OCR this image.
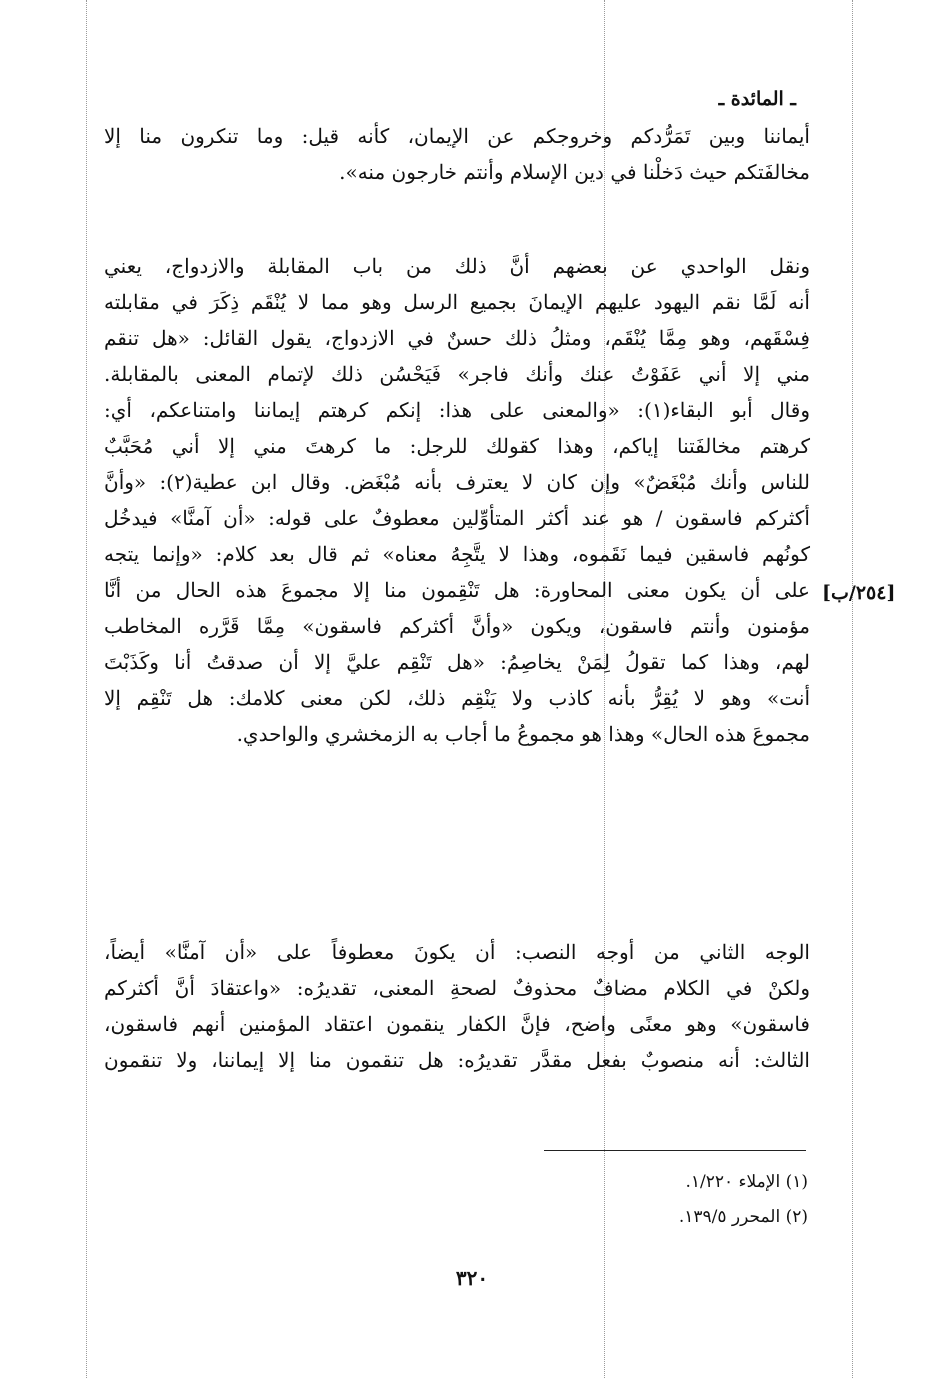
ـ المائدة ـ
أيماننا وبين تَمَرُّدكم وخروجكم عن الإيمان، كأنه قيل: وما تنكرون منا إلا
مخالفَتكم حيث دَخلْنا في دين الإسلام وأنتم خارجون منه».
ونقل الواحدي عن بعضهم أنَّ ذلك من باب المقابلة والازدواج، يعني
أنه لَمَّا نقم اليهود عليهم الإيمانَ بجميع الرسل وهو مما لا يُنْقَم ذِكَرَ في مقابلته
فِسْقَهم، وهو مِمَّا يُنْقَم، ومثلُ ذلك حسنٌ في الازدواج، يقول القائل: «هل تنقم
مني إلا أني عَفَوْتُ عنك وأنك فاجر» فَيَحْسُن ذلك لإتمام المعنى بالمقابلة.
وقال أبو البقاء(١): «والمعنى على هذا: إنكم كرهتم إيماننا وامتناعكم، أي:
كرهتم مخالفَتنا إياكم، وهذا كقولك للرجل: ما كرهتَ مني إلا أني مُحَبَّبٌ
للناس وأنك مُبْغَضٌ» وإن كان لا يعترف بأنه مُبْغَض. وقال ابن عطية(٢): «وأنَّ
أكثركم فاسقون / هو عند أكثر المتأوِّلين معطوفٌ على قوله: «أن آمنَّا» فيدخُل
كونُهم فاسقين فيما نَقَموه، وهذا لا يتَّجِهُ معناه» ثم قال بعد كلام: «وإنما يتجه
على أن يكون معنى المحاورة: هل تَنْقِمون منا إلا مجموعَ هذه الحال من أنَّا
مؤمنون وأنتم فاسقون، ويكون «وأنَّ أكثركم فاسقون» مِمَّا قَرَّره المخاطب
لهم، وهذا كما تقولُ لِمَنْ يخاصِمُ: «هل تَنْقِم عليَّ إلا أن صدقتُ أنا وكَذَبْتَ
أنت» وهو لا يُقِرُّ بأنه كاذب ولا يَنْقِم ذلك، لكن معنى كلامك: هل تَنْقِم إلا
مجموعَ هذه الحال» وهذا هو مجموعُ ما أجاب به الزمخشري والواحدي.
[٢٥٤/ب]
الوجه الثاني من أوجه النصب: أن يكونَ معطوفاً على «أن آمنَّا» أيضاً،
ولكنْ في الكلام مضافٌ محذوفٌ لصحةِ المعنى، تقديرُه: «واعتقادَ أنَّ أكثركم
فاسقون» وهو معنًى واضح، فإنَّ الكفار ينقمون اعتقاد المؤمنين أنهم فاسقون،
الثالث: أنه منصوبٌ بفعل مقدَّر تقديرُه: هل تنقمون منا إلا إيماننا، ولا تنقمون
(١) الإملاء ١/٢٢٠.
(٢) المحرر ١٣٩/٥.
٣٢٠
